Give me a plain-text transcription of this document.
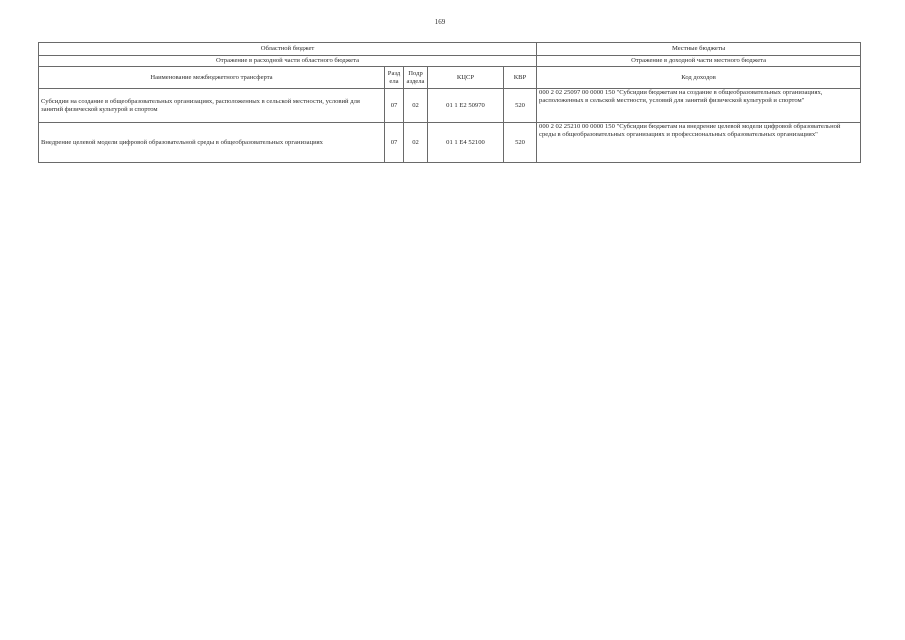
169
Областной бюджет					Местные бюджеты
Отражение в расходной части областного бюджета					Отражение в доходной части местного бюджета
Наименование межбюджетного трансферта	Разд ела	Подр аздела	КЦСР	КВР	Код доходов
Субсидии на создание в общеобразовательных организациях, расположенных в сельской местности, условий для занятий физической культурой и спортом	07	02	01 1 E2 50970	520	000 2 02 25097 00 0000 150 "Субсидии бюджетам на создание в общеобразовательных организациях, расположенных в сельской местности, условий для занятий физической культурой и спортом"
Внедрение целевой модели цифровой образовательной среды в общеобразовательных организациях	07	02	01 1 E4 52100	520	000 2 02 25210 00 0000 150 "Субсидии бюджетам на внедрение целевой модели цифровой образовательной среды в общеобразовательных организациях и профессиональных образовательных организациях"
